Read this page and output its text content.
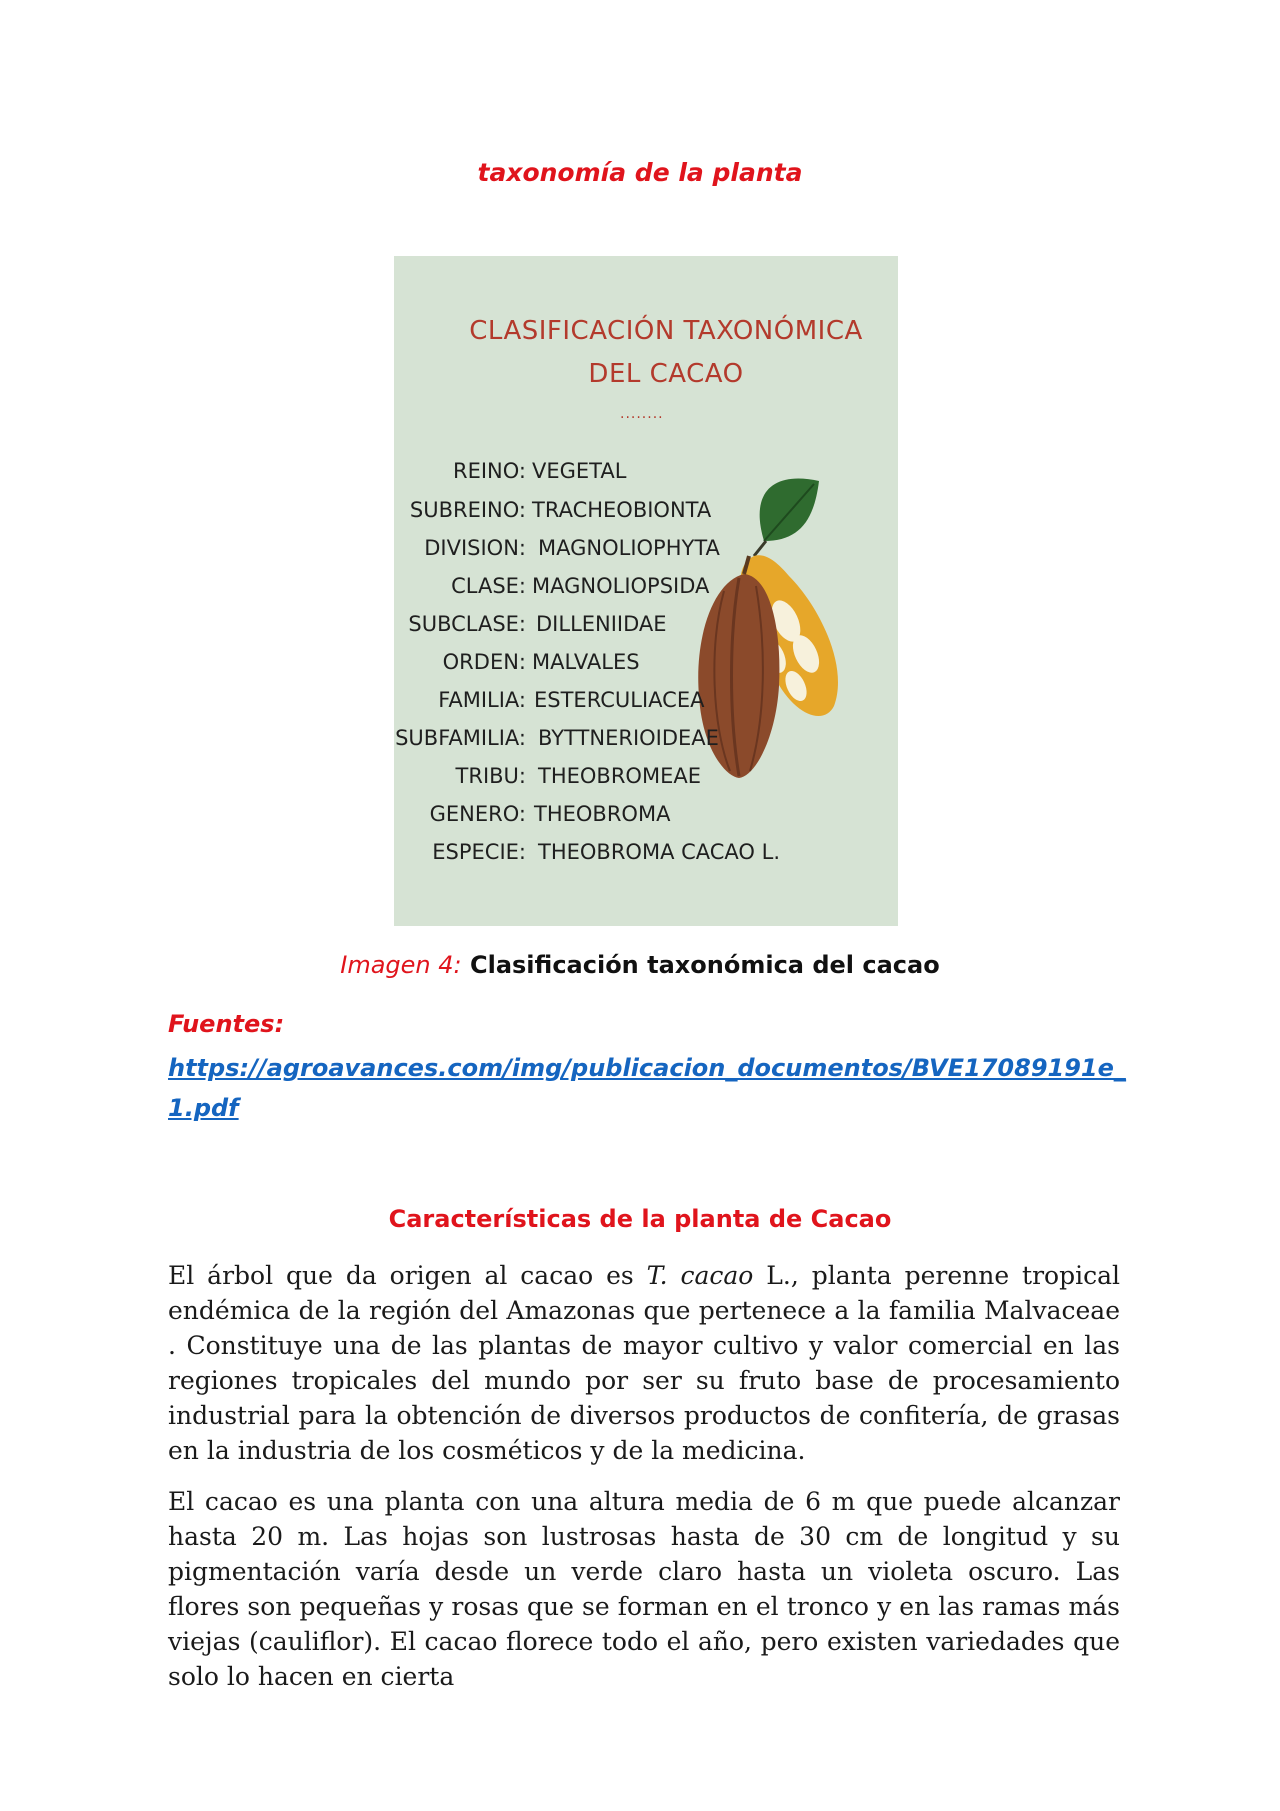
taxonomía de la planta
CLASIFICACIÓN TAXONÓMICA
DEL CACAO
........
REINO: VEGETAL
SUBREINO: TRACHEOBIONTA
DIVISION: MAGNOLIOPHYTA
CLASE: MAGNOLIOPSIDA
SUBCLASE: DILLENIIDAE
ORDEN: MALVALES
FAMILIA: ESTERCULIACEA
SUBFAMILIA: BYTTNERIOIDEAE
TRIBU: THEOBROMEAE
GENERO: THEOBROMA
ESPECIE: THEOBROMA CACAO L.
Imagen 4: Clasificación taxonómica del cacao
Fuentes:
https://agroavances.com/img/publicacion_documentos/BVE17089191e_1.pdf
Características de la planta de Cacao
El árbol que da origen al cacao es T. cacao L., planta perenne tropical endémica de la región del Amazonas que pertenece a la familia Malvaceae . Constituye una de las plantas de mayor cultivo y valor comercial en las regiones tropicales del mundo por ser su fruto base de procesamiento industrial para la obtención de diversos productos de confitería, de grasas en la industria de los cosméticos y de la medicina.
El cacao es una planta con una altura media de 6 m que puede alcanzar hasta 20 m. Las hojas son lustrosas hasta de 30 cm de longitud y su pigmentación varía desde un verde claro hasta un violeta oscuro. Las flores son pequeñas y rosas que se forman en el tronco y en las ramas más viejas (cauliflor). El cacao florece todo el año, pero existen variedades que solo lo hacen en cierta
